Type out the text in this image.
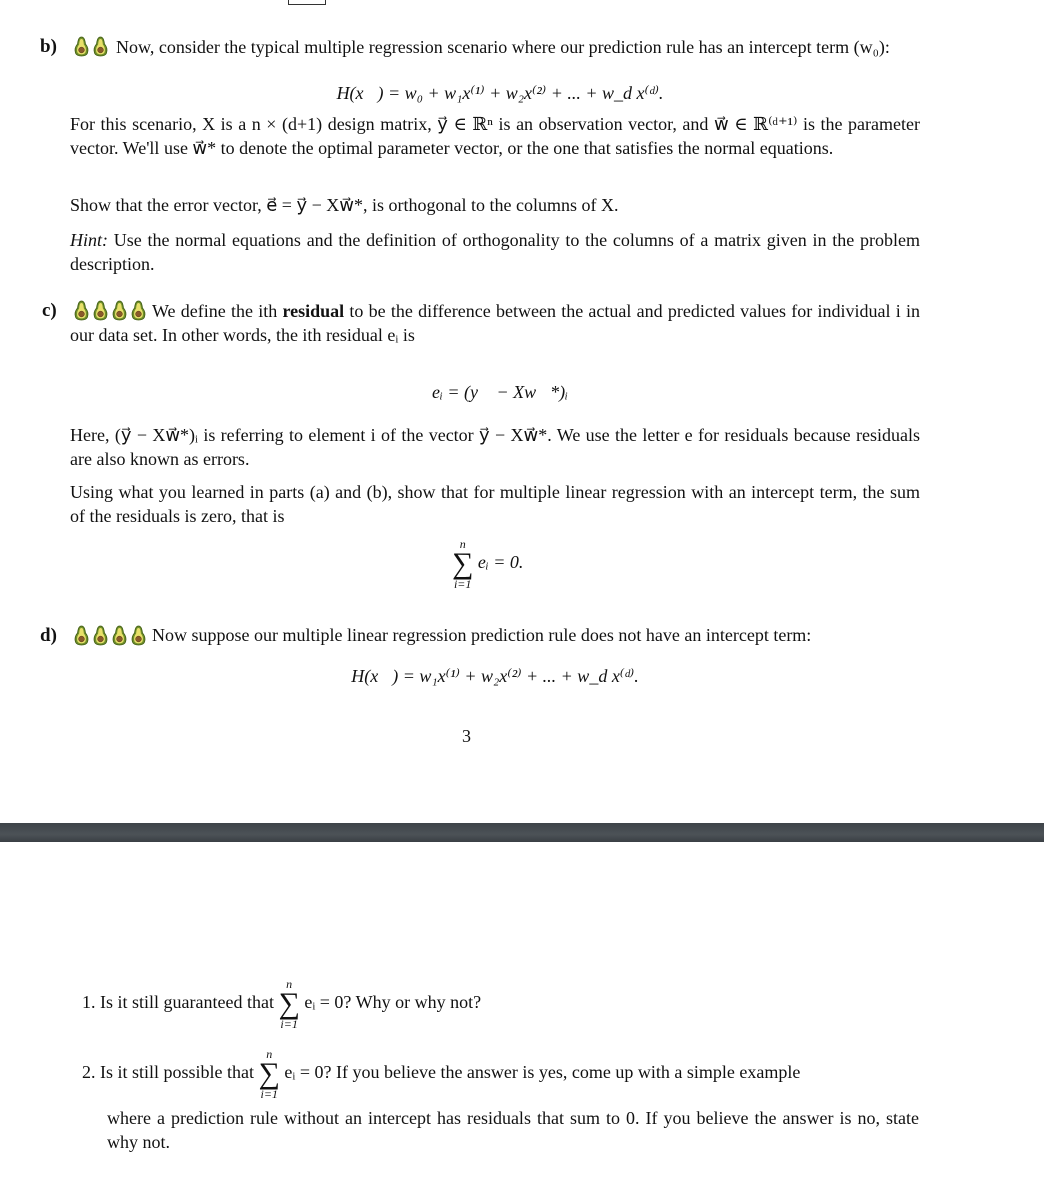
b)	Now, consider the typical multiple regression scenario where our prediction rule has an intercept term (w₀):
H(x⃗) = w₀ + w₁x⁽¹⁾ + w₂x⁽²⁾ + ... + w_d x⁽ᵈ⁾.
For this scenario, X is a n × (d+1) design matrix, y⃗ ∈ ℝⁿ is an observation vector, and w⃗ ∈ ℝ⁽ᵈ⁺¹⁾ is the parameter vector. We'll use w⃗* to denote the optimal parameter vector, or the one that satisfies the normal equations.
Show that the error vector, e⃗ = y⃗ − Xw⃗*, is orthogonal to the columns of X.
Hint: Use the normal equations and the definition of orthogonality to the columns of a matrix given in the problem description.
c)	We define the ith residual to be the difference between the actual and predicted values for individual i in our data set. In other words, the ith residual eᵢ is
eᵢ = (y⃗ − Xw⃗*)ᵢ
Here, (y⃗ − Xw⃗*)ᵢ is referring to element i of the vector y⃗ − Xw⃗*. We use the letter e for residuals because residuals are also known as errors.
Using what you learned in parts (a) and (b), show that for multiple linear regression with an intercept term, the sum of the residuals is zero, that is
n
∑
i=1
eᵢ = 0.
d)	Now suppose our multiple linear regression prediction rule does not have an intercept term:
H(x⃗) = w₁x⁽¹⁾ + w₂x⁽²⁾ + ... + w_d x⁽ᵈ⁾.
3
1. Is it still guaranteed that
n
∑
i=1
eᵢ = 0? Why or why not?
2. Is it still possible that
n
∑
i=1
eᵢ = 0? If you believe the answer is yes, come up with a simple example
where a prediction rule without an intercept has residuals that sum to 0. If you believe the answer is no, state why not.
